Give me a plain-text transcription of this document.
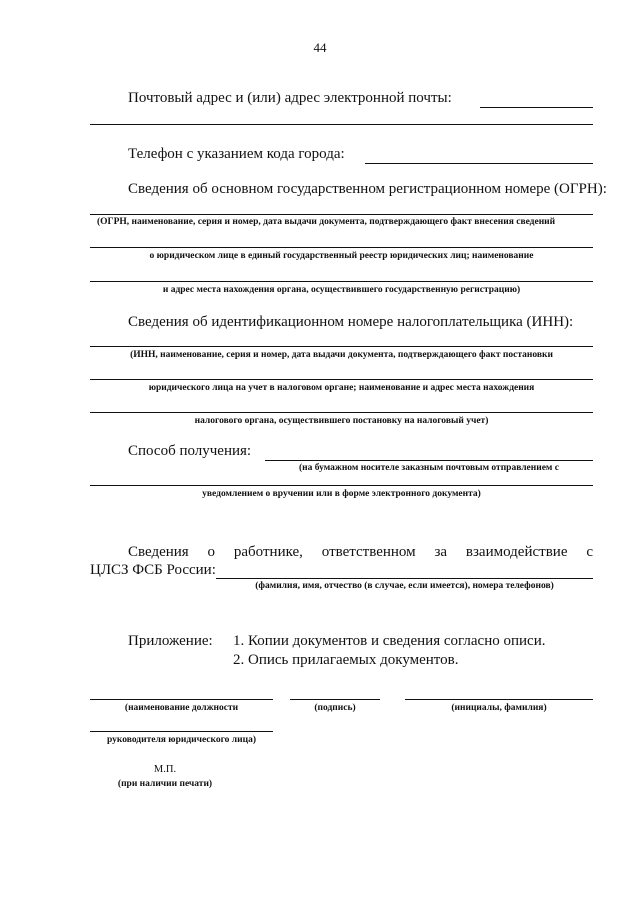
44
Почтовый адрес и (или) адрес электронной почты:
Телефон с указанием кода города:
Сведения об основном государственном регистрационном номере (ОГРН):
(ОГРН, наименование, серия и номер, дата выдачи документа, подтверждающего факт внесения сведений
о юридическом лице в единый государственный реестр юридических лиц; наименование
и адрес места нахождения органа, осуществившего государственную регистрацию)
Сведения об идентификационном номере налогоплательщика (ИНН):
(ИНН, наименование, серия и номер, дата выдачи документа, подтверждающего факт постановки
юридического лица на учет в налоговом органе; наименование и адрес места нахождения
налогового органа, осуществившего постановку на налоговый учет)
Способ получения:
(на бумажном носителе заказным почтовым отправлением с
уведомлением о вручении или в форме электронного документа)
Сведения о работнике, ответственном за взаимодействие с
ЦЛСЗ ФСБ России:
(фамилия, имя, отчество (в случае, если имеется), номера телефонов)
Приложение: 1. Копии документов и сведения согласно описи.
2. Опись прилагаемых документов.
(наименование должности	(подпись)	(инициалы, фамилия)
руководителя юридического лица)
М.П.
(при наличии печати)
